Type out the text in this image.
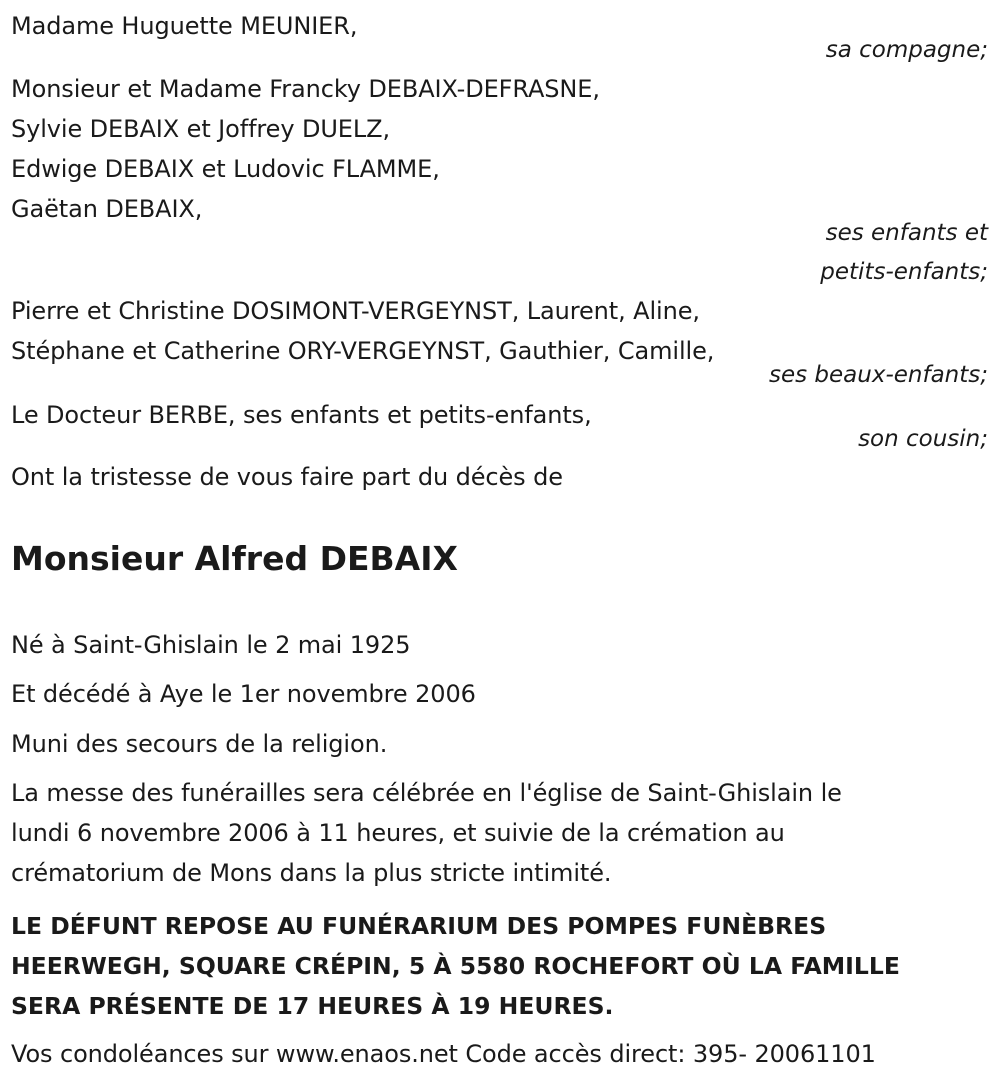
Madame Huguette MEUNIER,
sa compagne;
Monsieur et Madame Francky DEBAIX-DEFRASNE,
Sylvie DEBAIX et Joffrey DUELZ,
Edwige DEBAIX et Ludovic FLAMME,
Gaëtan DEBAIX,
ses enfants et
petits-enfants;
Pierre et Christine DOSIMONT-VERGEYNST, Laurent, Aline,
Stéphane et Catherine ORY-VERGEYNST, Gauthier, Camille,
ses beaux-enfants;
Le Docteur BERBE, ses enfants et petits-enfants,
son cousin;
Ont la tristesse de vous faire part du décès de
Monsieur Alfred DEBAIX
Né à Saint-Ghislain le 2 mai 1925
Et décédé à Aye le 1er novembre 2006
Muni des secours de la religion.
La messe des funérailles sera célébrée en l'église de Saint-Ghislain le
lundi 6 novembre 2006 à 11 heures, et suivie de la crémation au
crématorium de Mons dans la plus stricte intimité.
LE DÉFUNT REPOSE AU FUNÉRARIUM DES POMPES FUNÈBRES
HEERWEGH, SQUARE CRÉPIN, 5 À 5580 ROCHEFORT OÙ LA FAMILLE
SERA PRÉSENTE DE 17 HEURES À 19 HEURES.
Vos condoléances sur www.enaos.net Code accès direct: 395- 20061101
